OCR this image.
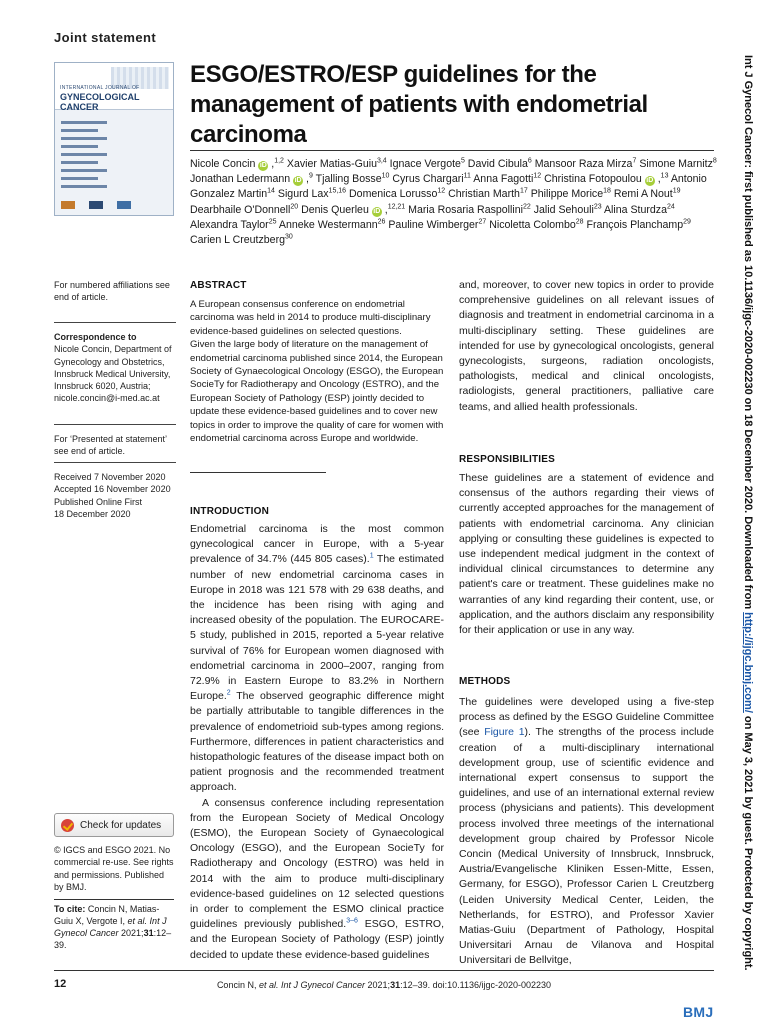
Joint statement
INTERNATIONAL JOURNAL OF
GYNECOLOGICAL CANCER
ESGO/ESTRO/ESP guidelines for the management of patients with endometrial carcinoma
Nicole Concin iD ,$^{1,2}$ Xavier Matias-Guiu$^{3,4}$ Ignace Vergote$^5$ David Cibula$^6$ Mansoor Raza Mirza$^7$ Simone Marnitz$^8$ Jonathan Ledermann iD ,$^9$ Tjalling Bosse$^{10}$ Cyrus Chargari$^{11}$ Anna Fagotti$^{12}$ Christina Fotopoulou iD ,$^{13}$ Antonio Gonzalez Martin$^{14}$ Sigurd Lax$^{15,16}$ Domenica Lorusso$^{12}$ Christian Marth$^{17}$ Philippe Morice$^{18}$ Remi A Nout$^{19}$ Dearbhaile O'Donnell$^{20}$ Denis Querleu iD ,$^{12,21}$ Maria Rosaria Raspollini$^{22}$ Jalid Sehouli$^{23}$ Alina Sturdza$^{24}$ Alexandra Taylor$^{25}$ Anneke Westermann$^{26}$ Pauline Wimberger$^{27}$ Nicoletta Colombo$^{28}$ François Planchamp$^{29}$ Carien L Creutzberg$^{30}$
For numbered affiliations see end of article.
Correspondence to
Nicole Concin, Department of Gynecology and Obstetrics, Innsbruck Medical University, Innsbruck 6020, Austria; nicole.concin@i-med.ac.at
For ‘Presented at statement’ see end of article.
Received 7 November 2020
Accepted 16 November 2020
Published Online First
18 December 2020
Check for updates
© IGCS and ESGO 2021. No commercial re-use. See rights and permissions. Published by BMJ.
To cite: Concin N, Matias-Guiu X, Vergote I, et al. Int J Gynecol Cancer 2021;31:12–39.
ABSTRACT
A European consensus conference on endometrial carcinoma was held in 2014 to produce multi-disciplinary evidence-based guidelines on selected questions.
Given the large body of literature on the management of endometrial carcinoma published since 2014, the European Society of Gynaecological Oncology (ESGO), the European SocieTy for Radiotherapy and Oncology (ESTRO), and the European Society of Pathology (ESP) jointly decided to update these evidence-based guidelines and to cover new topics in order to improve the quality of care for women with endometrial carcinoma across Europe and worldwide.
INTRODUCTION

Endometrial carcinoma is the most common gynecological cancer in Europe, with a 5-year prevalence of 34.7% (445 805 cases).$^1$ The estimated number of new endometrial carcinoma cases in Europe in 2018 was 121 578 with 29 638 deaths, and the incidence has been rising with aging and increased obesity of the population. The EUROCARE-5 study, published in 2015, reported a 5-year relative survival of 76% for European women diagnosed with endometrial carcinoma in 2000–2007, ranging from 72.9% in Eastern Europe to 83.2% in Northern Europe.$^2$ The observed geographic difference might be partially attributable to tangible differences in the prevalence of endometrioid sub-types among regions. Furthermore, differences in patient characteristics and histopathologic features of the disease impact both on patient prognosis and the recommended treatment approach.

A consensus conference including representation from the European Society of Medical Oncology (ESMO), the European Society of Gynaecological Oncology (ESGO), and the European SocieTy for Radiotherapy and Oncology (ESTRO) was held in 2014 with the aim to produce multi-disciplinary evidence-based guidelines on 12 selected questions in order to complement the ESMO clinical practice guidelines previously published.$^{3-6}$ ESGO, ESTRO, and the European Society of Pathology (ESP) jointly decided to update these evidence-based guidelines

and, moreover, to cover new topics in order to provide comprehensive guidelines on all relevant issues of diagnosis and treatment in endometrial carcinoma in a multi-disciplinary setting. These guidelines are intended for use by gynecological oncologists, general gynecologists, surgeons, radiation oncologists, pathologists, medical and clinical oncologists, radiologists, general practitioners, palliative care teams, and allied health professionals.
RESPONSIBILITIES
These guidelines are a statement of evidence and consensus of the authors regarding their views of currently accepted approaches for the management of patients with endometrial carcinoma. Any clinician applying or consulting these guidelines is expected to use independent medical judgment in the context of individual clinical circumstances to determine any patient's care or treatment. These guidelines make no warranties of any kind regarding their content, use, or application, and the authors disclaim any responsibility for their application or use in any way.
METHODS
The guidelines were developed using a five-step process as defined by the ESGO Guideline Committee (see Figure 1). The strengths of the process include creation of a multi-disciplinary international development group, use of scientific evidence and international expert consensus to support the guidelines, and use of an international external review process (physicians and patients). This development process involved three meetings of the international development group chaired by Professor Nicole Concin (Medical University of Innsbruck, Innsbruck, Austria/Evangelische Kliniken Essen-Mitte, Essen, Germany, for ESGO), Professor Carien L Creutzberg (Leiden University Medical Center, Leiden, the Netherlands, for ESTRO), and Professor Xavier Matias-Guiu (Department of Pathology, Hospital Universitari Arnau de Vilanova and Hospital Universitari de Bellvitge,
Int J Gynecol Cancer: first published as 10.1136/ijgc-2020-002230 on 18 December 2020. Downloaded from http://ijgc.bmj.com/ on May 3, 2021 by guest. Protected by copyright.
12	Concin N, et al. Int J Gynecol Cancer 2021;31:12–39. doi:10.1136/ijgc-2020-002230
BMJ
